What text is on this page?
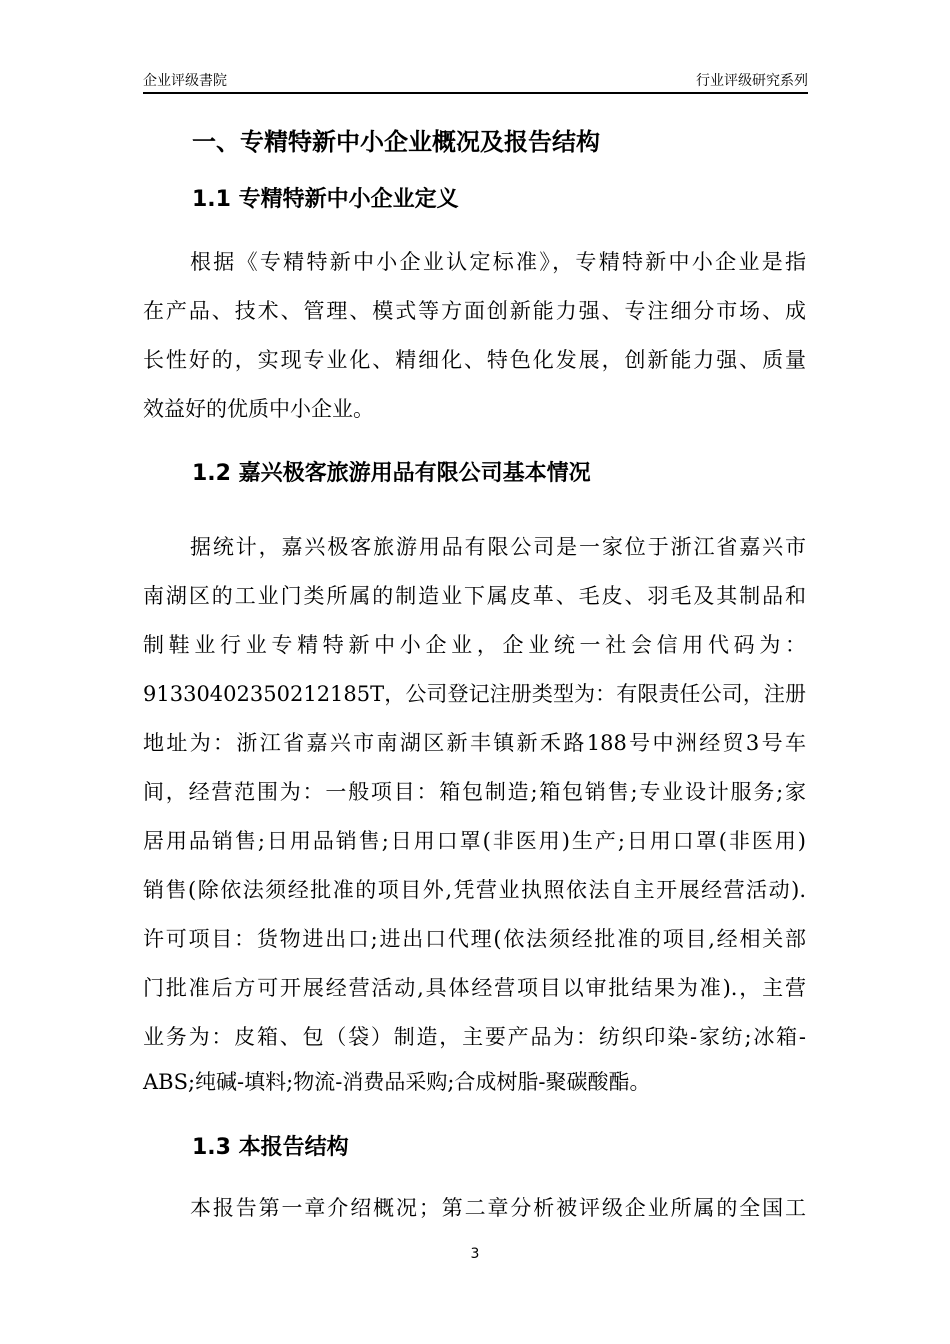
企业评级書院	行业评级研究系列
一、专精特新中小企业概况及报告结构
1.1 专精特新中小企业定义
根据《专精特新中小企业认定标准》，专精特新中小企业是指
在产品、技术、管理、模式等方面创新能力强、专注细分市场、成
长性好的，实现专业化、精细化、特色化发展，创新能力强、质量
效益好的优质中小企业。
1.2 嘉兴极客旅游用品有限公司基本情况
据统计，嘉兴极客旅游用品有限公司是一家位于浙江省嘉兴市
南湖区的工业门类所属的制造业下属皮革、毛皮、羽毛及其制品和
制鞋业行业专精特新中小企业，企业统一社会信用代码为：
91330402350212185T，公司登记注册类型为：有限责任公司，注册
地址为：浙江省嘉兴市南湖区新丰镇新禾路188号中洲经贸3号车
间，经营范围为：一般项目：箱包制造;箱包销售;专业设计服务;家
居用品销售;日用品销售;日用口罩(非医用)生产;日用口罩(非医用)
销售(除依法须经批准的项目外,凭营业执照依法自主开展经营活动).
许可项目：货物进出口;进出口代理(依法须经批准的项目,经相关部
门批准后方可开展经营活动,具体经营项目以审批结果为准).，主营
业务为：皮箱、包（袋）制造，主要产品为：纺织印染-家纺;冰箱-
ABS;纯碱-填料;物流-消费品采购;合成树脂-聚碳酸酯。
1.3 本报告结构
本报告第一章介绍概况；第二章分析被评级企业所属的全国工
3
